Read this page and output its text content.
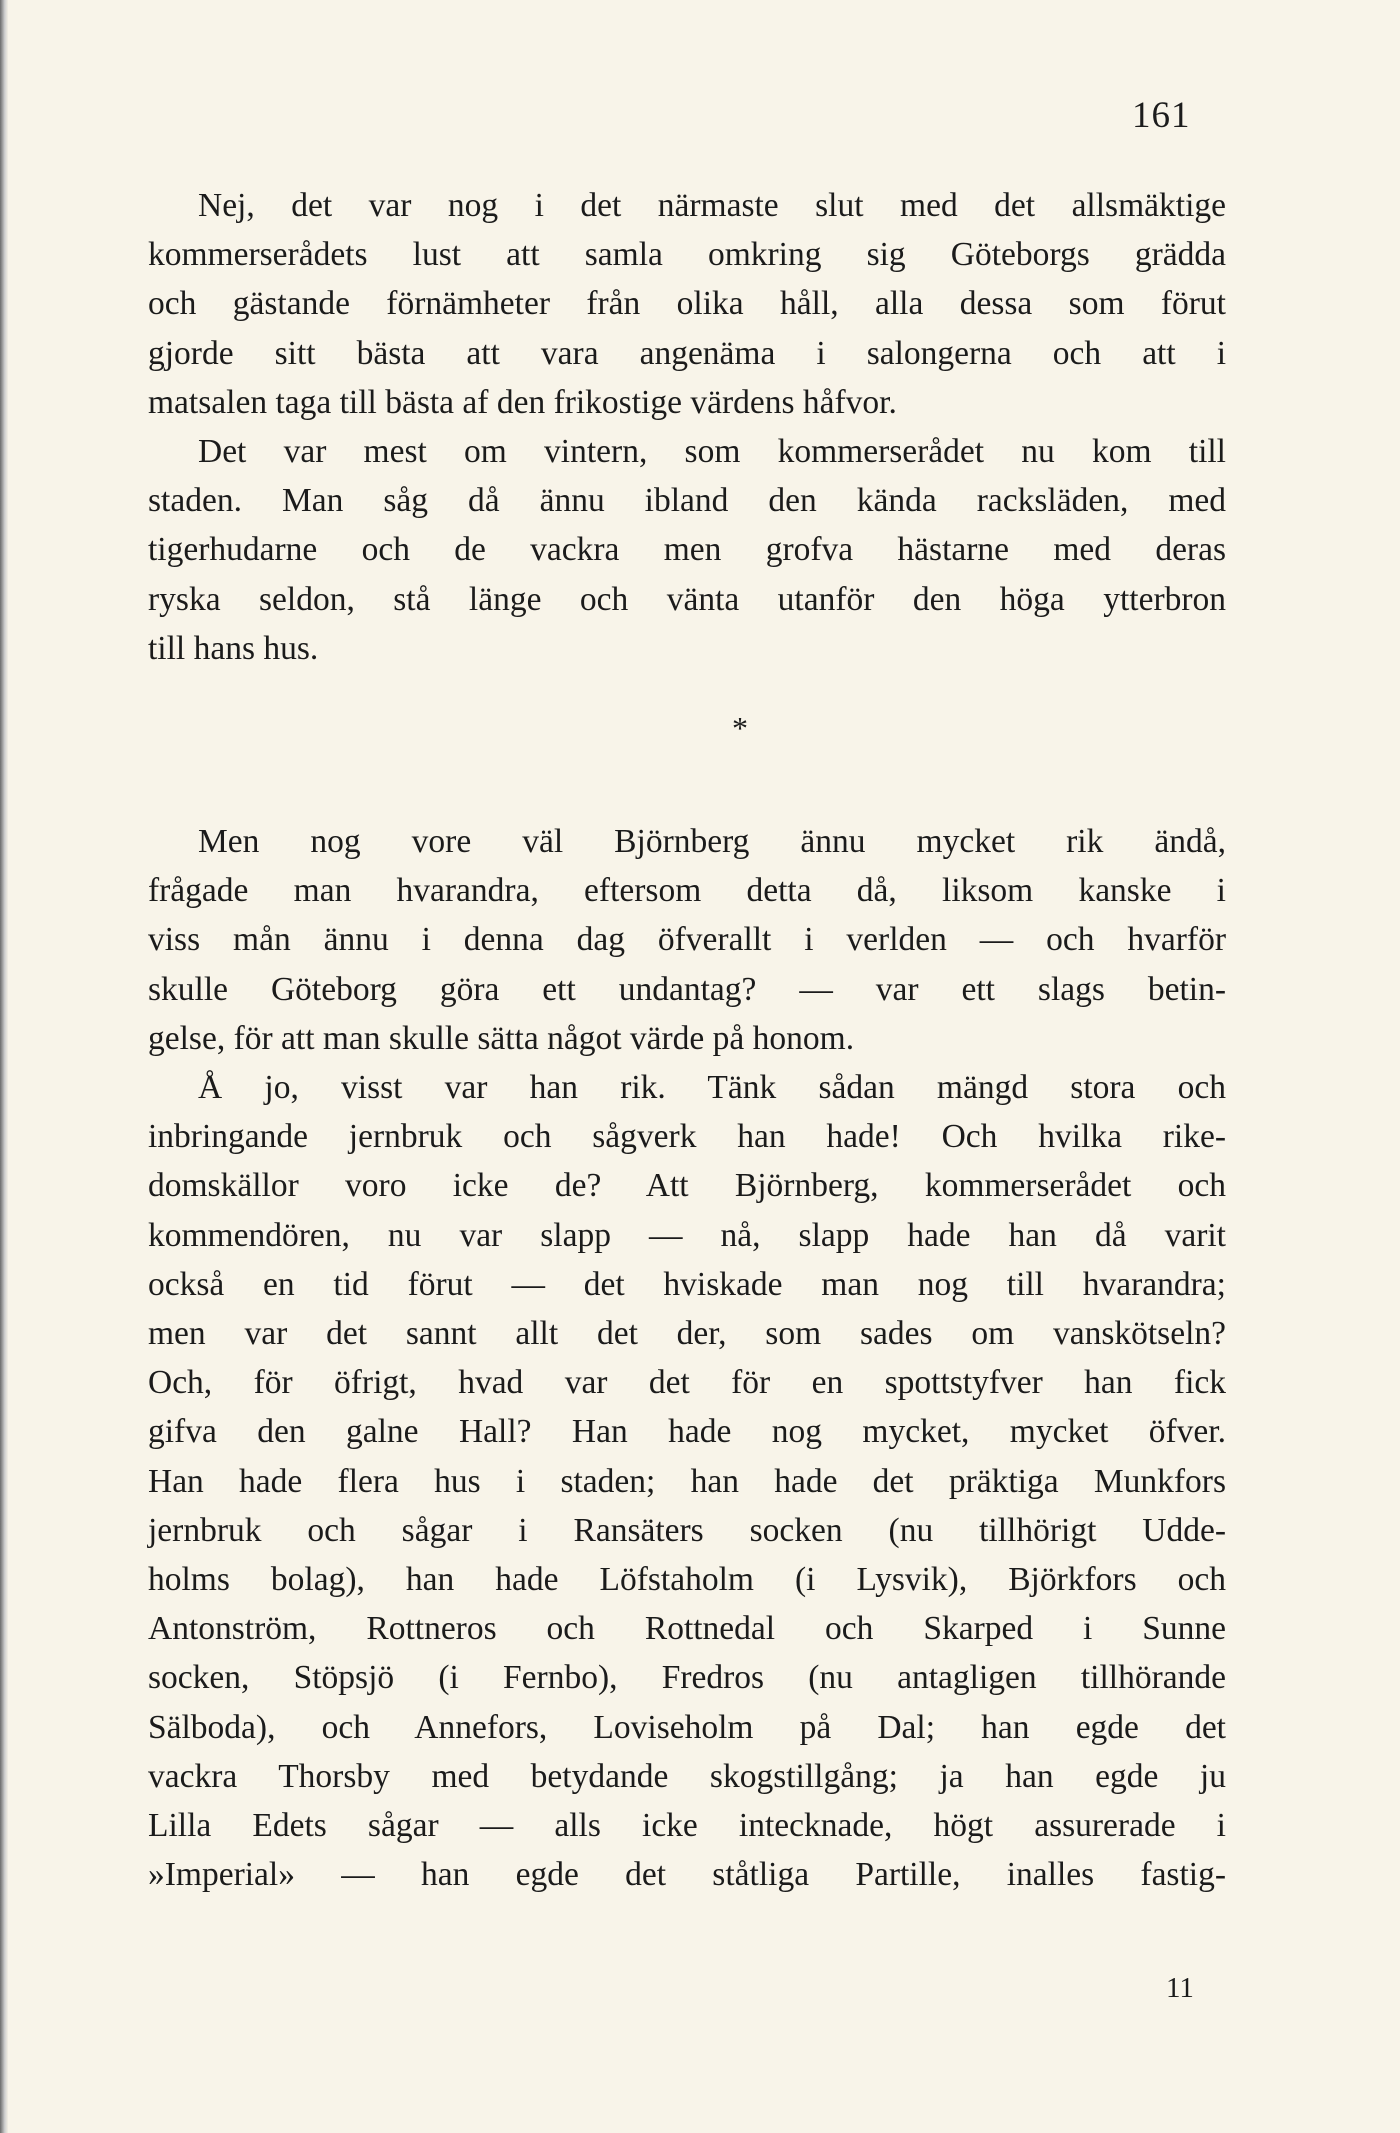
161
Nej, det var nog i det närmaste slut med det allsmäktige
kommerserådets lust att samla omkring sig Göteborgs grädda
och gästande förnämheter från olika håll, alla dessa som förut
gjorde sitt bästa att vara angenäma i salongerna och att i
matsalen taga till bästa af den frikostige värdens håfvor.
Det var mest om vintern, som kommerserådet nu kom till
staden. Man såg då ännu ibland den kända racksläden, med
tigerhudarne och de vackra men grofva hästarne med deras
ryska seldon, stå länge och vänta utanför den höga ytterbron
till hans hus.
*
Men nog vore väl Björnberg ännu mycket rik ändå,
frågade man hvarandra, eftersom detta då, liksom kanske i
viss mån ännu i denna dag öfverallt i verlden — och hvarför
skulle Göteborg göra ett undantag? — var ett slags betin-
gelse, för att man skulle sätta något värde på honom.
Å jo, visst var han rik. Tänk sådan mängd stora och
inbringande jernbruk och sågverk han hade! Och hvilka rike-
domskällor voro icke de? Att Björnberg, kommerserådet och
kommendören, nu var slapp — nå, slapp hade han då varit
också en tid förut — det hviskade man nog till hvarandra;
men var det sannt allt det der, som sades om vanskötseln?
Och, för öfrigt, hvad var det för en spottstyfver han fick
gifva den galne Hall? Han hade nog mycket, mycket öfver.
Han hade flera hus i staden; han hade det präktiga Munkfors
jernbruk och sågar i Ransäters socken (nu tillhörigt Udde-
holms bolag), han hade Löfstaholm (i Lysvik), Björkfors och
Antonström, Rottneros och Rottnedal och Skarped i Sunne
socken, Stöpsjö (i Fernbo), Fredros (nu antagligen tillhörande
Sälboda), och Annefors, Loviseholm på Dal; han egde det
vackra Thorsby med betydande skogstillgång; ja han egde ju
Lilla Edets sågar — alls icke intecknade, högt assurerade i
»Imperial» — han egde det ståtliga Partille, inalles fastig-
11
